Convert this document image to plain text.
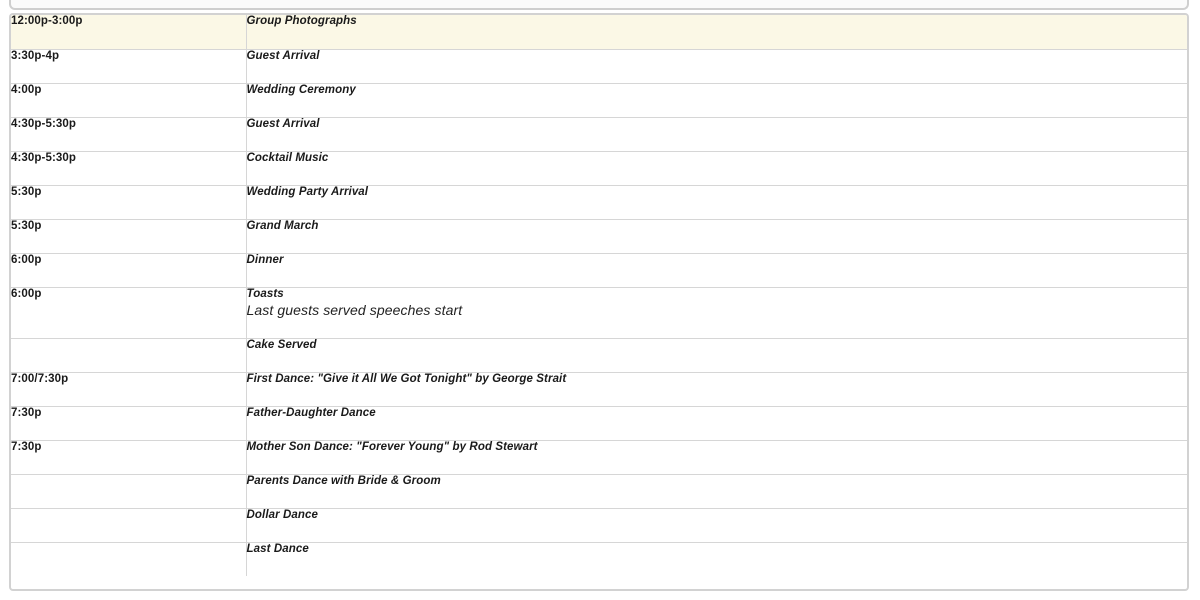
12:00p-3:00p	Group Photographs

3:30p-4p	Guest Arrival

4:00p	Wedding Ceremony

4:30p-5:30p	Guest Arrival

4:30p-5:30p	Cocktail Music

5:30p	Wedding Party Arrival

5:30p	Grand March

6:00p	Dinner

6:00p	Toasts
Last guests served speeches start

	Cake Served

7:00/7:30p	First Dance: "Give it All We Got Tonight" by George Strait

7:30p	Father-Daughter Dance

7:30p	Mother Son Dance: "Forever Young" by Rod Stewart

	Parents Dance with Bride & Groom

	Dollar Dance

	Last Dance
